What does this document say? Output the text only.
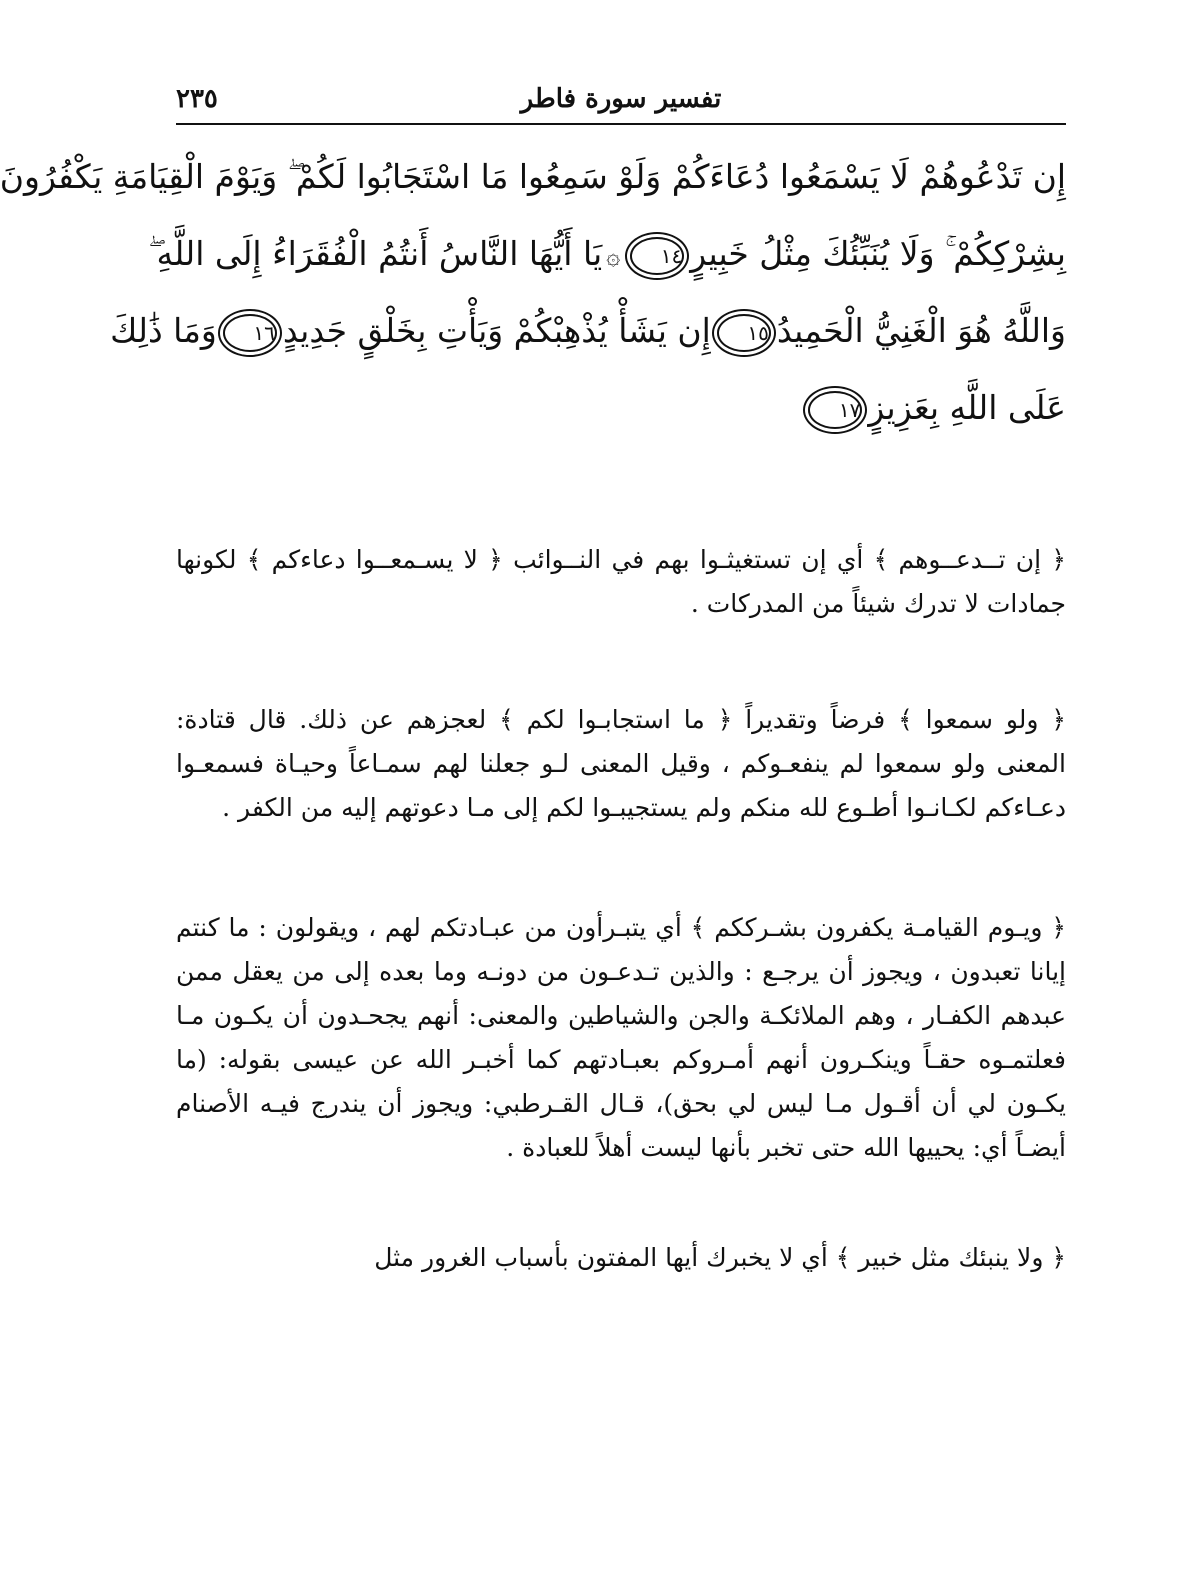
تفسير سورة فاطر
٢٣٥
إِن تَدْعُوهُمْ لَا يَسْمَعُوا دُعَاءَكُمْ وَلَوْ سَمِعُوا مَا اسْتَجَابُوا لَكُمْ ۖ وَيَوْمَ الْقِيَامَةِ يَكْفُرُونَ
بِشِرْكِكُمْ ۚ وَلَا يُنَبِّئُكَ مِثْلُ خَبِيرٍ١٤۞يَا أَيُّهَا النَّاسُ أَنتُمُ الْفُقَرَاءُ إِلَى اللَّهِ ۖ
وَاللَّهُ هُوَ الْغَنِيُّ الْحَمِيدُ١٥إِن يَشَأْ يُذْهِبْكُمْ وَيَأْتِ بِخَلْقٍ جَدِيدٍ١٦وَمَا ذَٰلِكَ
عَلَى اللَّهِ بِعَزِيزٍ١٧

﴿ إن تــدعــوهم ﴾ أي إن تستغيثـوا بهم في النــوائب ﴿ لا يسـمعــوا دعاءكم ﴾ لكونها جمادات لا تدرك شيئاً من المدركات .

﴿ ولو سمعوا ﴾ فرضاً وتقديراً ﴿ ما استجابـوا لكم ﴾ لعجزهم عن ذلك. قال قتادة: المعنى ولو سمعوا لم ينفعـوكم ، وقيل المعنى لـو جعلنا لهم سمـاعاً وحيـاة فسمعـوا دعـاءكم لكـانـوا أطـوع لله منكم ولم يستجيبـوا لكم إلى مـا دعوتهم إليه من الكفر .

﴿ ويـوم القيامـة يكفرون بشـرككم ﴾ أي يتبـرأون من عبـادتكم لهم ، ويقولون : ما كنتم إيانا تعبدون ، ويجوز أن يرجـع : والذين تـدعـون من دونـه وما بعده إلى من يعقل ممن عبدهم الكفـار ، وهم الملائكـة والجن والشياطين والمعنى: أنهم يجحـدون أن يكـون مـا فعلتمـوه حقـاً وينكـرون أنهم أمـروكم بعبـادتهم كما أخبـر الله عن عيسى بقوله: (ما يكـون لي أن أقـول مـا ليس لي بحق)، قـال القـرطبي: ويجوز أن يندرج فيـه الأصنام أيضـاً أي: يحييها الله حتى تخبر بأنها ليست أهلاً للعبادة .

﴿ ولا ينبئك مثل خبير ﴾ أي لا يخبرك أيها المفتون بأسباب الغرور مثل
